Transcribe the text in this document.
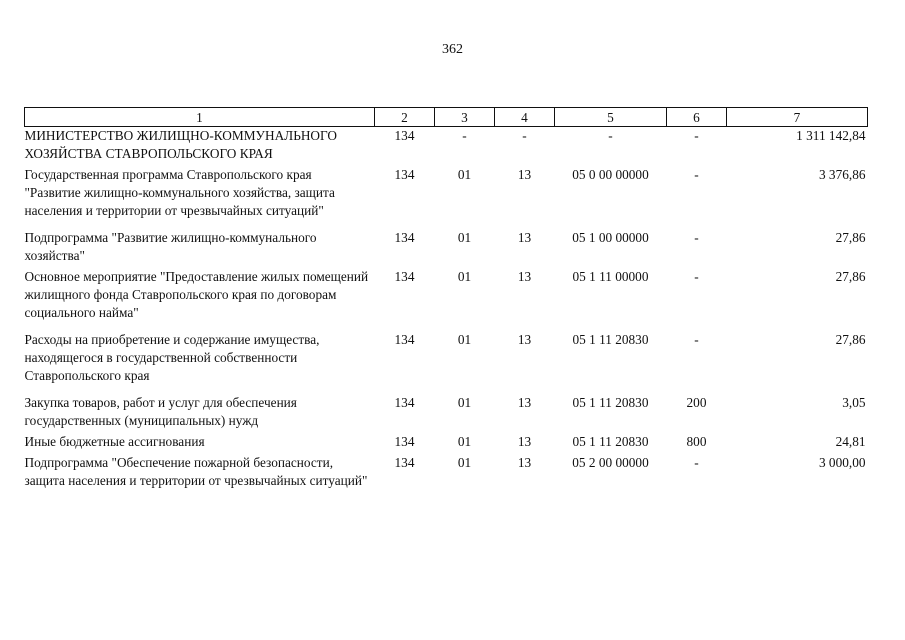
362
1	2	3	4	5	6	7
МИНИСТЕРСТВО ЖИЛИЩНО-КОММУНАЛЬНОГО ХОЗЯЙСТВА СТАВРОПОЛЬСКОГО КРАЯ	134	-	-	-	-	1 311 142,84
Государственная программа Ставропольского края "Развитие жилищно-коммунального хозяйства, защита населения и территории от чрезвычайных ситуаций"	134	01	13	05 0 00 00000	-	3 376,86
Подпрограмма "Развитие жилищно-коммунального хозяйства"	134	01	13	05 1 00 00000	-	27,86
Основное мероприятие "Предоставление жилых помещений жилищного фонда Ставропольского края по договорам социального найма"	134	01	13	05 1 11 00000	-	27,86
Расходы на приобретение и содержание имущества, находящегося в государственной собственности Ставропольского края	134	01	13	05 1 11 20830	-	27,86
Закупка товаров, работ и услуг для обеспечения государственных (муниципальных) нужд	134	01	13	05 1 11 20830	200	3,05
Иные бюджетные ассигнования	134	01	13	05 1 11 20830	800	24,81
Подпрограмма "Обеспечение пожарной безопасности, защита населения и территории от чрезвычайных ситуаций"	134	01	13	05 2 00 00000	-	3 000,00
